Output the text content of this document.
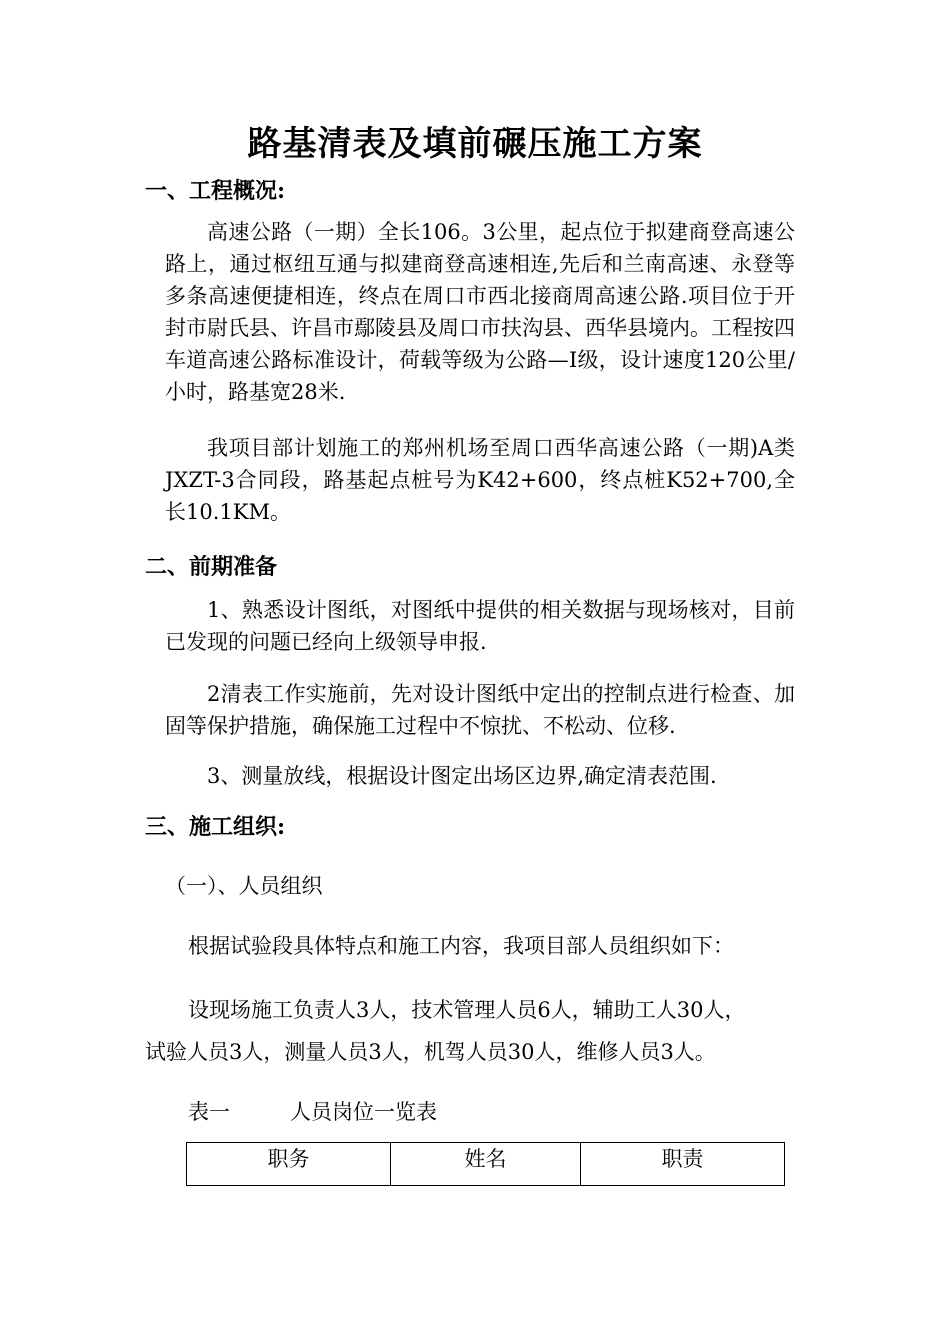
路基清表及填前碾压施工方案
一、工程概况:
高速公路（一期）全长106。3公里，起点位于拟建商登高速公路上，通过枢纽互通与拟建商登高速相连,先后和兰南高速、永登等多条高速便捷相连，终点在周口市西北接商周高速公路.项目位于开封市尉氏县、许昌市鄢陵县及周口市扶沟县、西华县境内。工程按四车道高速公路标准设计，荷载等级为公路—Ⅰ级，设计速度120公里/小时，路基宽28米.
我项目部计划施工的郑州机场至周口西华高速公路（一期)A类JXZT-3合同段，路基起点桩号为K42+600，终点桩K52+700,全长10.1KM。
二、前期准备
1、熟悉设计图纸，对图纸中提供的相关数据与现场核对，目前已发现的问题已经向上级领导申报.
2清表工作实施前，先对设计图纸中定出的控制点进行检查、加固等保护措施，确保施工过程中不惊扰、不松动、位移.
3、测量放线，根据设计图定出场区边界,确定清表范围.
三、施工组织:
（一）、人员组织
根据试验段具体特点和施工内容，我项目部人员组织如下：
设现场施工负责人3人，技术管理人员6人，辅助工人30人，
试验人员3人，测量人员3人，机驾人员30人，维修人员3人。
表一	人员岗位一览表
职务	姓名	职责
